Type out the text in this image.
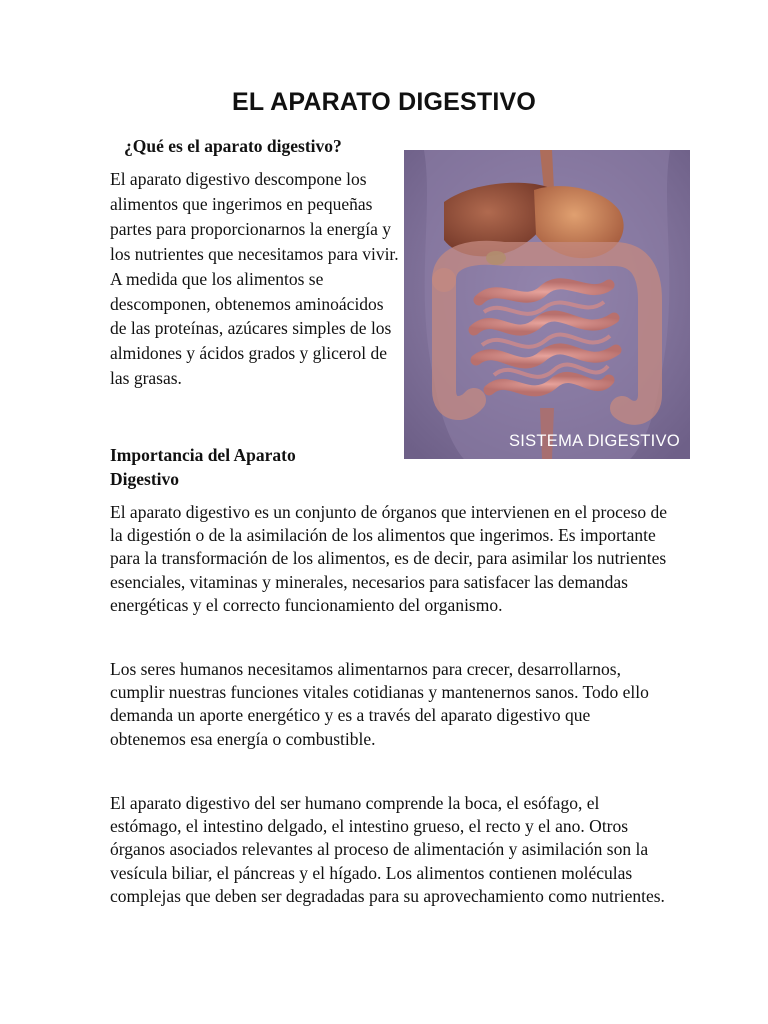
EL APARATO DIGESTIVO
¿Qué es el aparato digestivo?

El aparato digestivo descompone los alimentos que ingerimos en pequeñas partes para proporcionarnos la energía y los nutrientes que necesitamos para vivir. A medida que los alimentos se descomponen, obtenemos aminoácidos de las proteínas, azúcares simples de los almidones y ácidos grados y glicerol de las grasas.

SISTEMA DIGESTIVO
Importancia del Aparato Digestivo

El aparato digestivo es un conjunto de órganos que intervienen en el proceso de la digestión o de la asimilación de los alimentos que ingerimos. Es importante para la transformación de los alimentos, es de decir, para asimilar los nutrientes esenciales, vitaminas y minerales, necesarios para satisfacer las demandas energéticas y el correcto funcionamiento del organismo.

Los seres humanos necesitamos alimentarnos para crecer, desarrollarnos, cumplir nuestras funciones vitales cotidianas y mantenernos sanos. Todo ello demanda un aporte energético y es a través del aparato digestivo que obtenemos esa energía o combustible.

El aparato digestivo del ser humano comprende la boca, el esófago, el estómago, el intestino delgado, el intestino grueso, el recto y el ano. Otros órganos asociados relevantes al proceso de alimentación y asimilación son la vesícula biliar, el páncreas y el hígado. Los alimentos contienen moléculas complejas que deben ser degradadas para su aprovechamiento como nutrientes.
